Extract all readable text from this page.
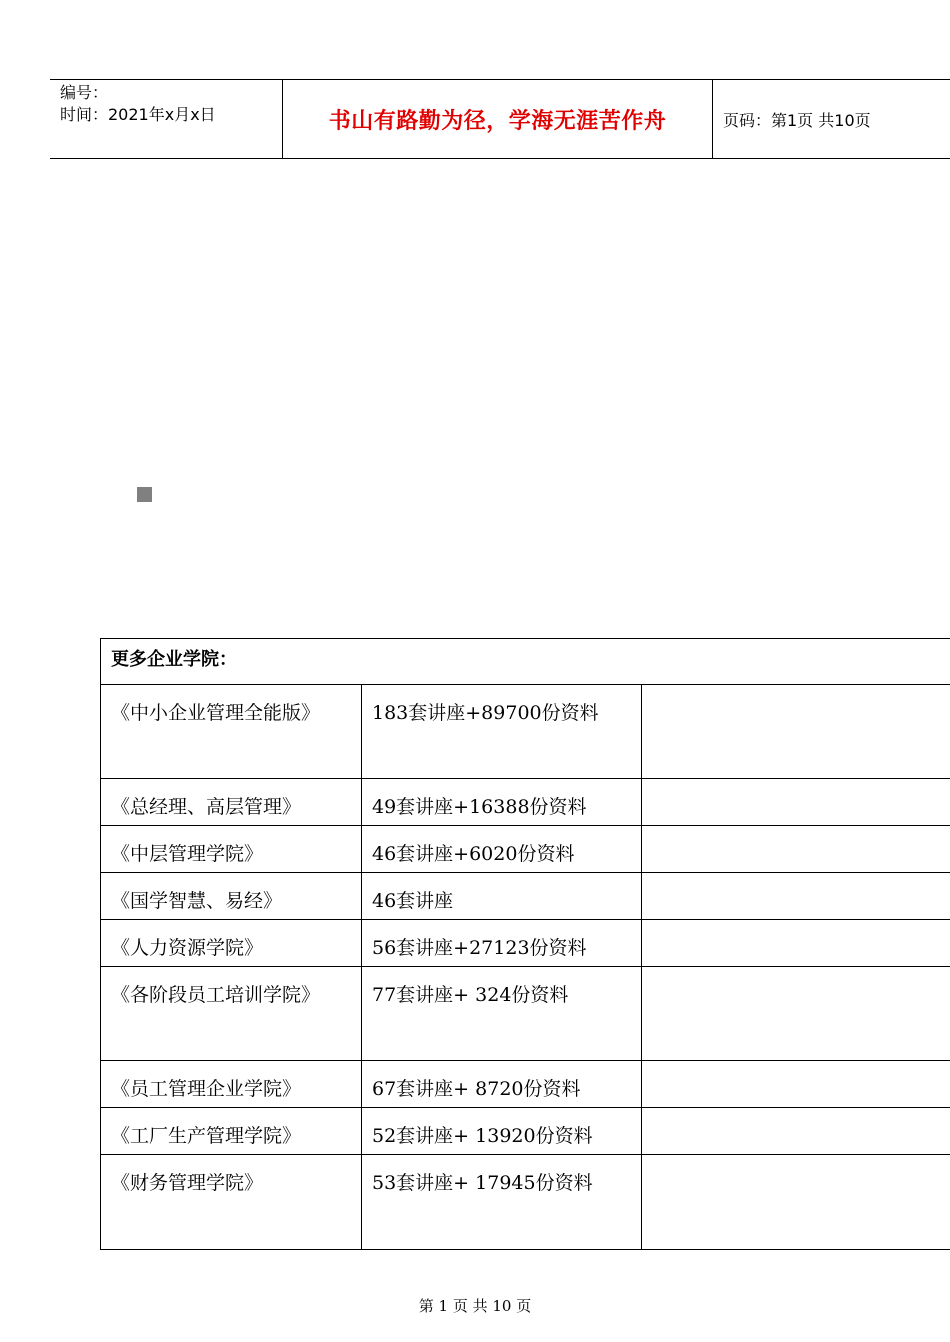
编号：
时间：2021年x月x日	书山有路勤为径，学海无涯苦作舟	页码：第1页 共10页
更多企业学院：
《中小企业管理全能版》	183套讲座+89700份资料
《总经理、高层管理》	49套讲座+16388份资料
《中层管理学院》	46套讲座+6020份资料
《国学智慧、易经》	46套讲座
《人力资源学院》	56套讲座+27123份资料
《各阶段员工培训学院》	77套讲座+ 324份资料
《员工管理企业学院》	67套讲座+ 8720份资料
《工厂生产管理学院》	52套讲座+ 13920份资料
《财务管理学院》	53套讲座+ 17945份资料
第 1 页 共 10 页
